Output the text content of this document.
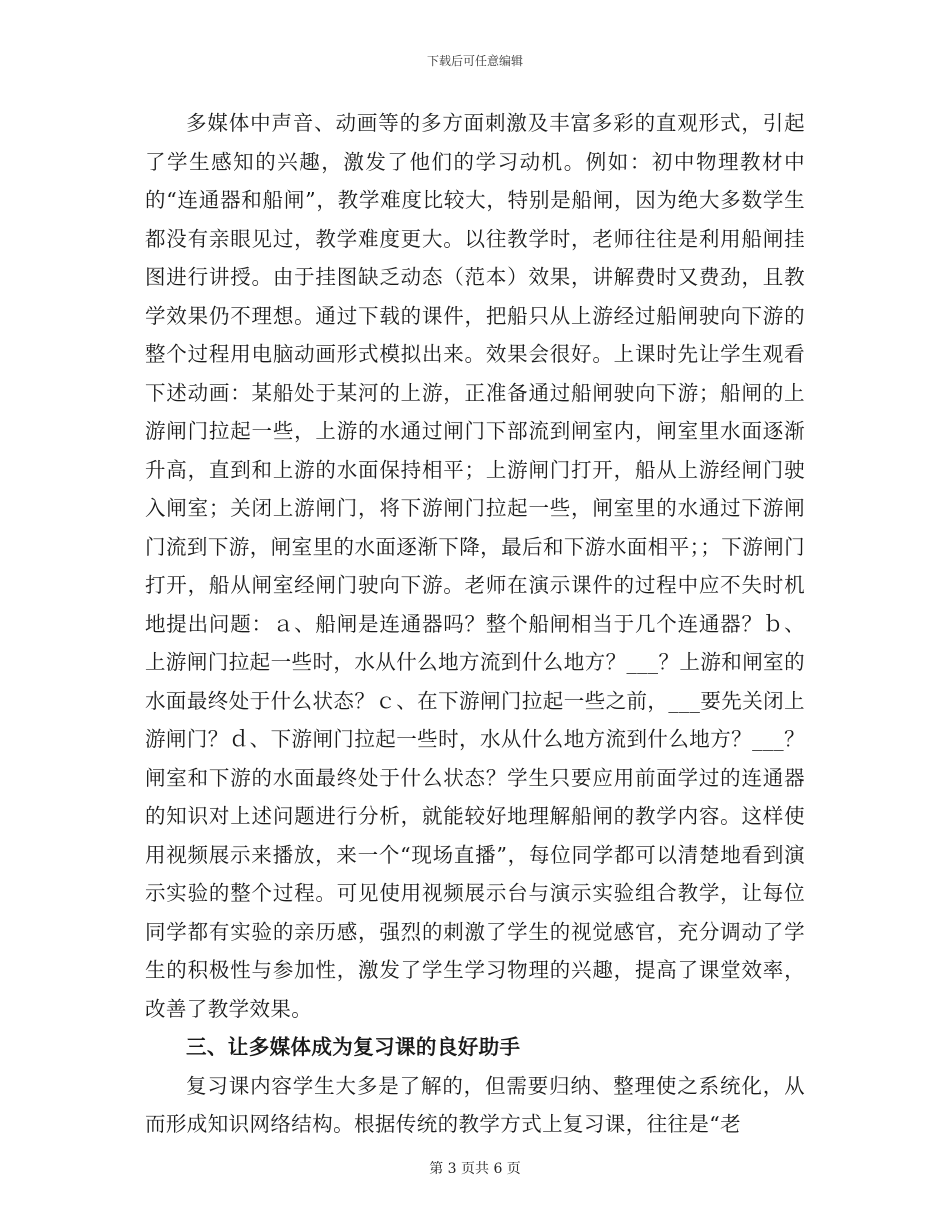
下载后可任意编辑

多媒体中声音、动画等的多方面刺激及丰富多彩的直观形式，引起了学生感知的兴趣，激发了他们的学习动机。例如：初中物理教材中的“连通器和船闸”，教学难度比较大，特别是船闸，因为绝大多数学生都没有亲眼见过，教学难度更大。以往教学时，老师往往是利用船闸挂图进行讲授。由于挂图缺乏动态（范本）效果，讲解费时又费劲，且教学效果仍不理想。通过下载的课件，把船只从上游经过船闸驶向下游的整个过程用电脑动画形式模拟出来。效果会很好。上课时先让学生观看下述动画：某船处于某河的上游，正准备通过船闸驶向下游；船闸的上游闸门拉起一些，上游的水通过闸门下部流到闸室内，闸室里水面逐渐升高，直到和上游的水面保持相平；上游闸门打开，船从上游经闸门驶入闸室；关闭上游闸门，将下游闸门拉起一些，闸室里的水通过下游闸门流到下游，闸室里的水面逐渐下降，最后和下游水面相平；；下游闸门打开，船从闸室经闸门驶向下游。老师在演示课件的过程中应不失时机地提出问题：ａ、船闸是连通器吗？整个船闸相当于几个连通器？ｂ、上游闸门拉起一些时，水从什么地方流到什么地方？___？上游和闸室的水面最终处于什么状态？ｃ、在下游闸门拉起一些之前，___要先关闭上游闸门？ｄ、下游闸门拉起一些时，水从什么地方流到什么地方？___？闸室和下游的水面最终处于什么状态？学生只要应用前面学过的连通器的知识对上述问题进行分析，就能较好地理解船闸的教学内容。这样使用视频展示来播放，来一个“现场直播”，每位同学都可以清楚地看到演示实验的整个过程。可见使用视频展示台与演示实验组合教学，让每位同学都有实验的亲历感，强烈的刺激了学生的视觉感官，充分调动了学生的积极性与参加性，激发了学生学习物理的兴趣，提高了课堂效率，改善了教学效果。

三、让多媒体成为复习课的良好助手

复习课内容学生大多是了解的，但需要归纳、整理使之系统化，从而形成知识网络结构。根据传统的教学方式上复习课，往往是“老

第 3 页共 6 页
